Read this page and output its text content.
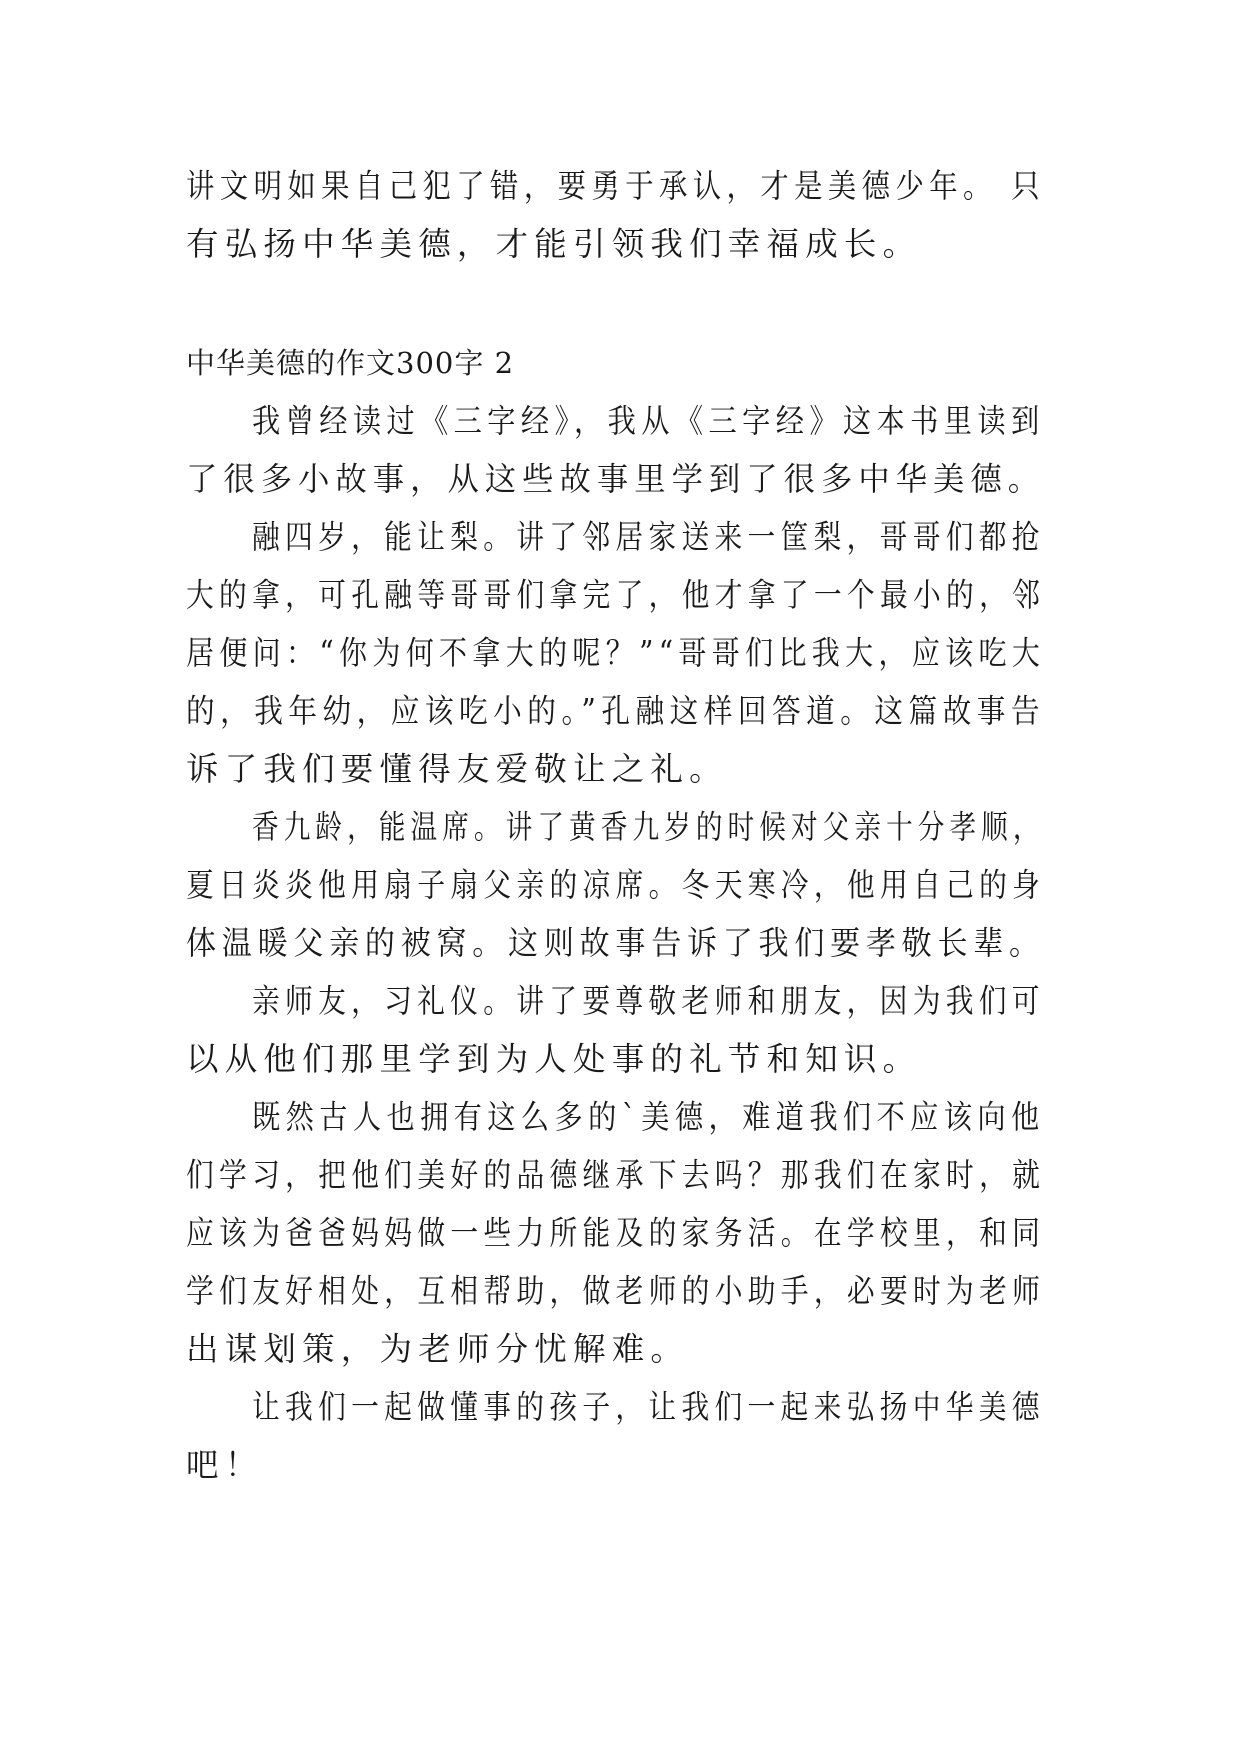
讲文明如果自己犯了错，要勇于承认，才是美德少年。 只
有弘扬中华美德，才能引领我们幸福成长。
中华美德的作文300字 2
我曾经读过《三字经》，我从《三字经》这本书里读到
了很多小故事，从这些故事里学到了很多中华美德。
融四岁，能让梨。讲了邻居家送来一筐梨，哥哥们都抢
大的拿，可孔融等哥哥们拿完了，他才拿了一个最小的，邻
居便问：“你为何不拿大的呢？”“哥哥们比我大，应该吃大
的，我年幼，应该吃小的。”孔融这样回答道。这篇故事告
诉了我们要懂得友爱敬让之礼。
香九龄，能温席。讲了黄香九岁的时候对父亲十分孝顺，
夏日炎炎他用扇子扇父亲的凉席。冬天寒冷，他用自己的身
体温暖父亲的被窝。这则故事告诉了我们要孝敬长辈。
亲师友，习礼仪。讲了要尊敬老师和朋友，因为我们可
以从他们那里学到为人处事的礼节和知识。
既然古人也拥有这么多的`美德，难道我们不应该向他
们学习，把他们美好的品德继承下去吗？那我们在家时，就
应该为爸爸妈妈做一些力所能及的家务活。在学校里，和同
学们友好相处，互相帮助，做老师的小助手，必要时为老师
出谋划策，为老师分忧解难。
让我们一起做懂事的孩子，让我们一起来弘扬中华美德
吧！
